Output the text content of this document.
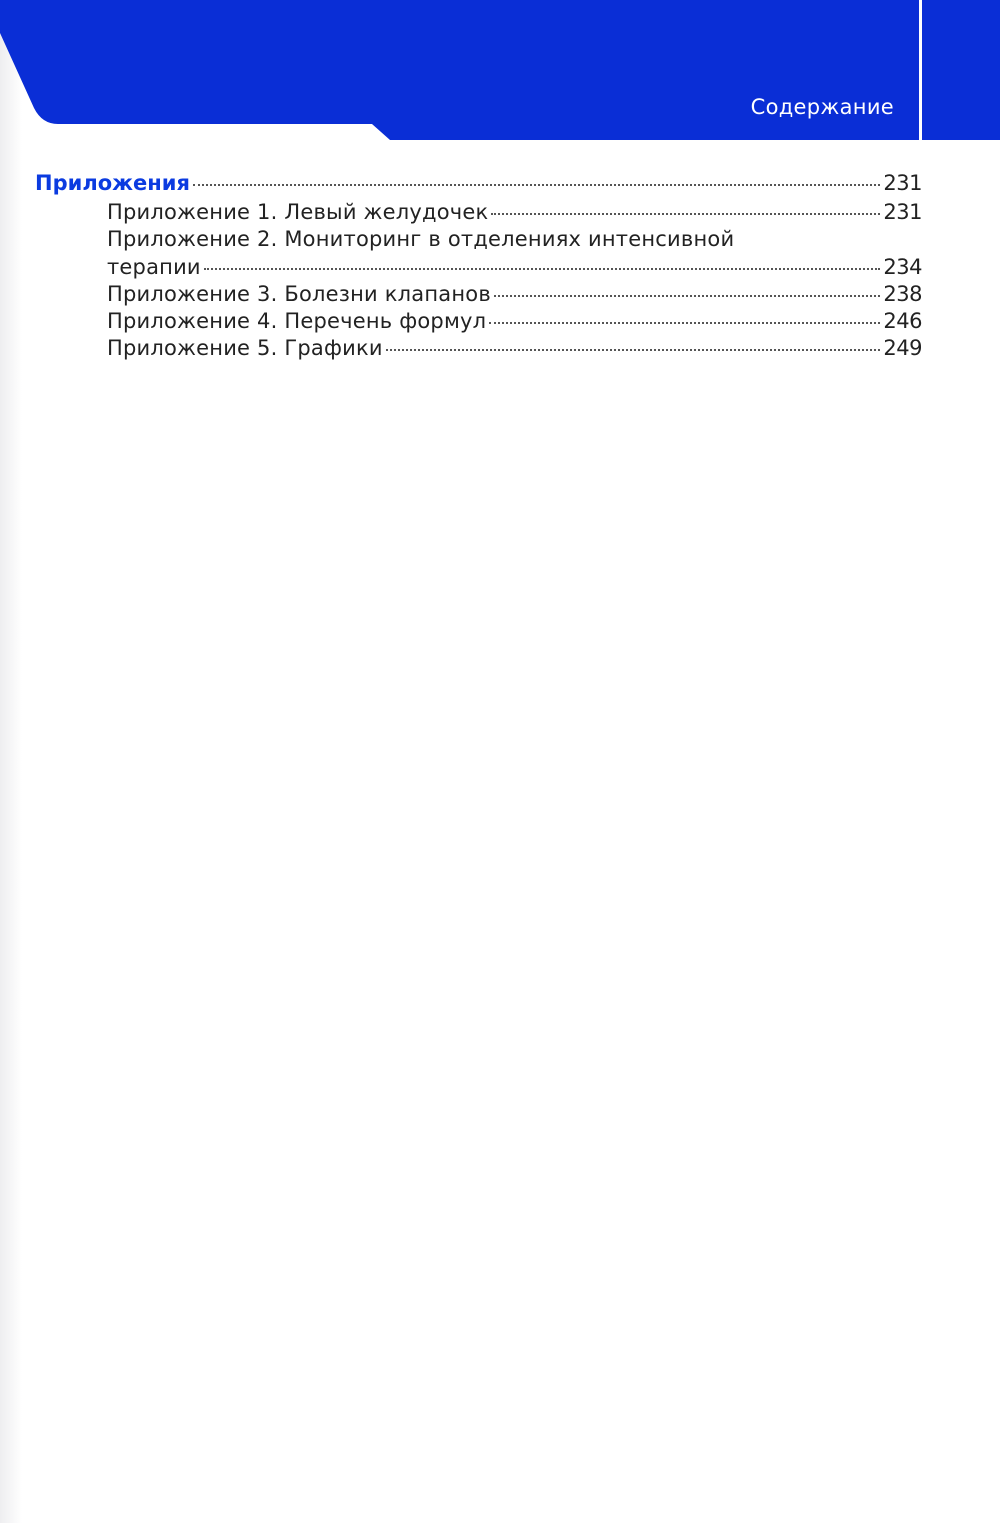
Содержание
Приложения	231
Приложение 1. Левый желудочек	231
Приложение 2. Мониторинг в отделениях интенсивной
терапии	234
Приложение 3. Болезни клапанов	238
Приложение 4. Перечень формул	246
Приложение 5. Графики	249
